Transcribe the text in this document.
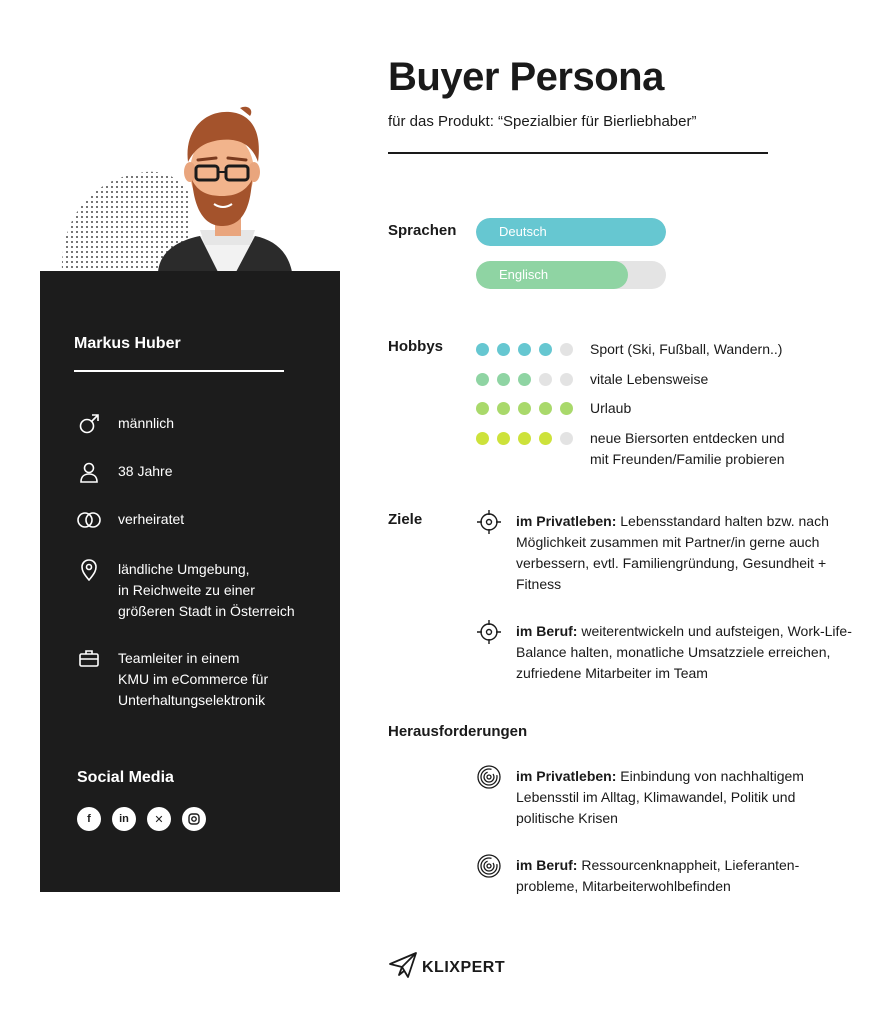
Markus Huber
männlich
38 Jahre
verheiratet
ländliche Umgebung,
in Reichweite zu einer
größeren Stadt in Österreich
Teamleiter in einem
KMU im eCommerce für
Unterhaltungselektronik
Social Media
f	in	✕
Buyer Persona
für das Produkt: “Spezialbier für Bierliebhaber”
Sprachen	Deutsch
Englisch
Hobbys	Sport (Ski, Fußball, Wandern..)
vitale Lebensweise
Urlaub
neue Biersorten entdecken und
mit Freunden/Familie probieren
Ziele	im Privatleben: Lebensstandard halten bzw. nach Möglichkeit zusammen mit Partner/in gerne auch verbessern, evtl. Familiengründung, Gesundheit + Fitness
im Beruf: weiterentwickeln und aufsteigen, Work-Life-Balance halten, monatliche Umsatzziele erreichen, zufriedene Mitarbeiter im Team
Herausforderungen
im Privatleben: Einbindung von nachhaltigem Lebensstil im Alltag, Klimawandel, Politik und politische Krisen
im Beruf: Ressourcenknappheit, Lieferanten-probleme, Mitarbeiterwohlbefinden
KLIXPERT
